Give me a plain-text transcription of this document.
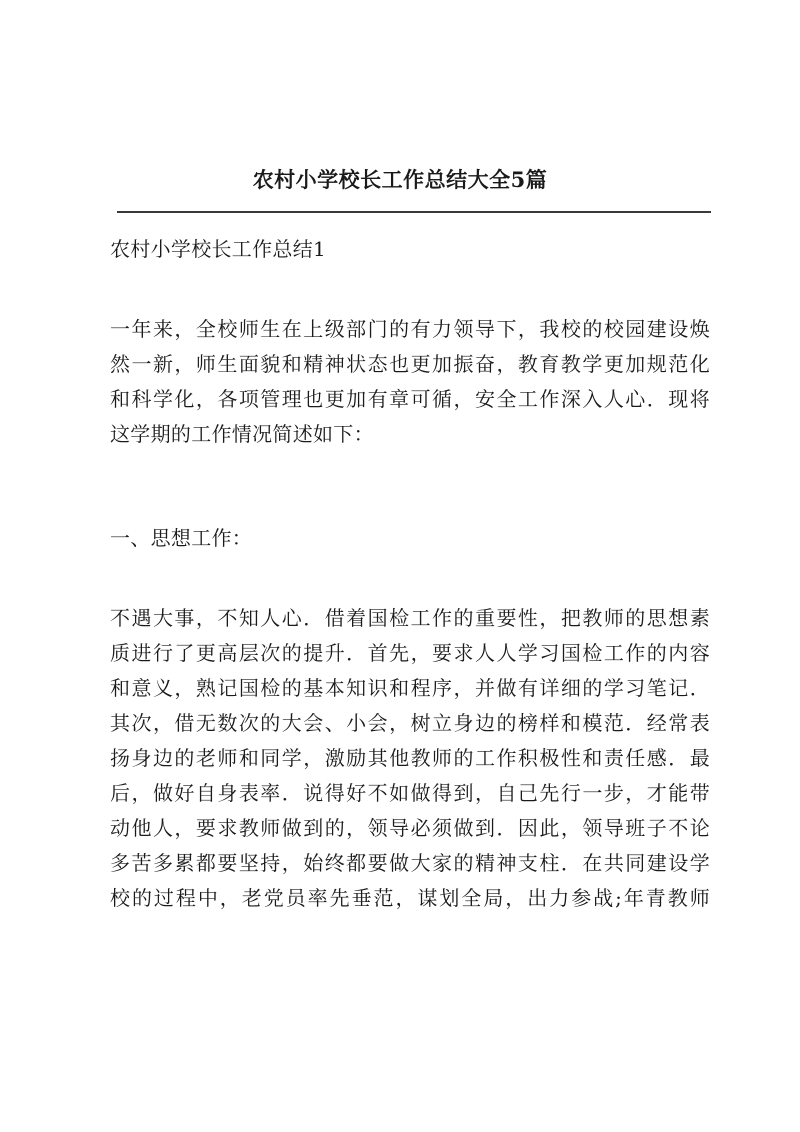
农村小学校长工作总结大全5篇

农村小学校长工作总结1

一年来，全校师生在上级部门的有力领导下，我校的校园建设焕
然一新，师生面貌和精神状态也更加振奋，教育教学更加规范化
和科学化，各项管理也更加有章可循，安全工作深入人心．现将
这学期的工作情况简述如下：

一、思想工作：

不遇大事，不知人心．借着国检工作的重要性，把教师的思想素
质进行了更高层次的提升．首先，要求人人学习国检工作的内容
和意义，熟记国检的基本知识和程序，并做有详细的学习笔记．
其次，借无数次的大会、小会，树立身边的榜样和模范．经常表
扬身边的老师和同学，激励其他教师的工作积极性和责任感．最
后，做好自身表率．说得好不如做得到，自己先行一步，才能带
动他人，要求教师做到的，领导必须做到．因此，领导班子不论
多苦多累都要坚持，始终都要做大家的精神支柱．在共同建设学
校的过程中，老党员率先垂范，谋划全局，出力参战;年青教师
